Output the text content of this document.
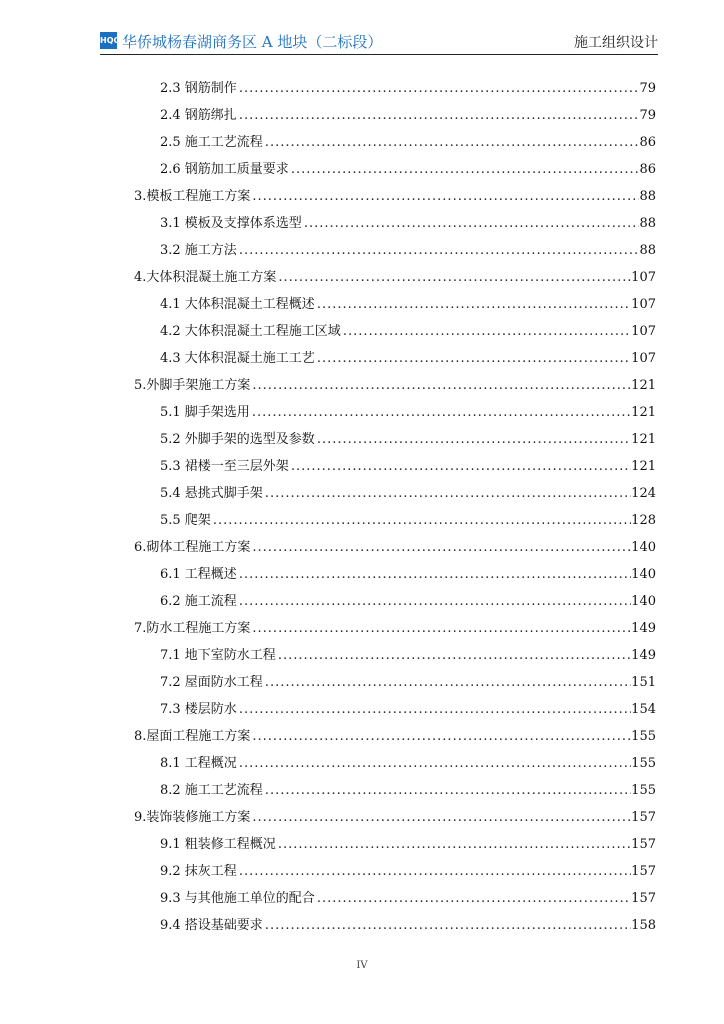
HQC 华侨城杨春湖商务区 A 地块（二标段）	施工组织设计
2.3 钢筋制作 .....	79
2.4 钢筋绑扎 .....	79
2.5 施工工艺流程 .....	86
2.6 钢筋加工质量要求 .....	86
3.模板工程施工方案 .....	88
3.1 模板及支撑体系选型 .....	88
3.2 施工方法 .....	88
4.大体积混凝土施工方案 .....	107
4.1 大体积混凝土工程概述 .....	107
4.2 大体积混凝土工程施工区域 .....	107
4.3 大体积混凝土施工工艺 .....	107
5.外脚手架施工方案 .....	121
5.1 脚手架选用 .....	121
5.2 外脚手架的选型及参数 .....	121
5.3 裙楼一至三层外架 .....	121
5.4 悬挑式脚手架 .....	124
5.5 爬架 .....	128
6.砌体工程施工方案 .....	140
6.1 工程概述 .....	140
6.2 施工流程 .....	140
7.防水工程施工方案 .....	149
7.1 地下室防水工程 .....	149
7.2 屋面防水工程 .....	151
7.3 楼层防水 .....	154
8.屋面工程施工方案 .....	155
8.1 工程概况 .....	155
8.2 施工工艺流程 .....	155
9.装饰装修施工方案 .....	157
9.1 粗装修工程概况 .....	157
9.2 抹灰工程 .....	157
9.3 与其他施工单位的配合 .....	157
9.4 搭设基础要求 .....	158
IV
